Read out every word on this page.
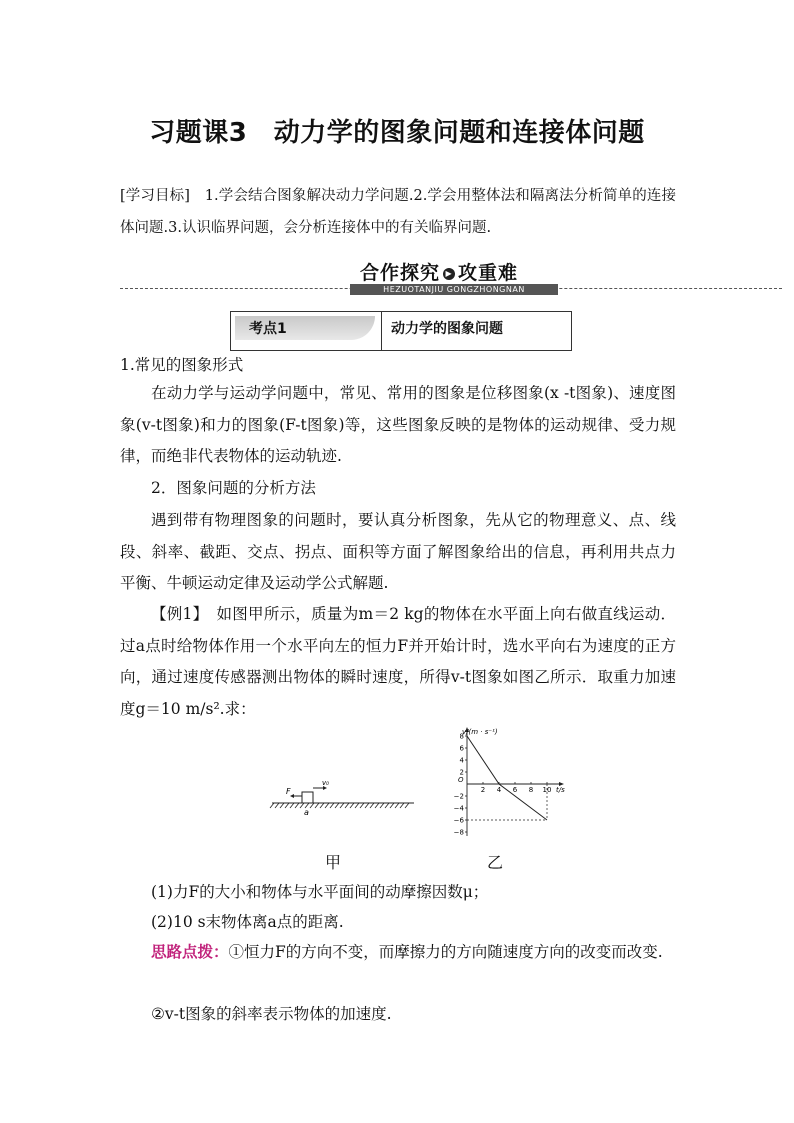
习题课3　动力学的图象问题和连接体问题

[学习目标]　1.学会结合图象解决动力学问题.2.学会用整体法和隔离法分析简单的连接体问题.3.认识临界问题，会分析连接体中的有关临界问题.

合作探究 ▶ 攻重难
HEZUOTANJIU GONGZHONGNAN
考点1	动力学的图象问题

1.常见的图象形式

在动力学与运动学问题中，常见、常用的图象是位移图象(x -t图象)、速度图象(v-t图象)和力的图象(F-t图象)等，这些图象反映的是物体的运动规律、受力规律，而绝非代表物体的运动轨迹.

2．图象问题的分析方法

遇到带有物理图象的问题时，要认真分析图象，先从它的物理意义、点、线段、斜率、截距、交点、拐点、面积等方面了解图象给出的信息，再利用共点力平衡、牛顿运动定律及运动学公式解题.

【例1】　如图甲所示，质量为m＝2 kg的物体在水平面上向右做直线运动．过a点时给物体作用一个水平向左的恒力F并开始计时，选水平向右为速度的正方向，通过速度传感器测出物体的瞬时速度，所得v-t图象如图乙所示．取重力加速度g＝10 m/s².求：

F
v₀
a
v/(m · s⁻¹)
t/s
O
8
6
4
2
−2
−4
−6
−8
2 4 6 8 10
甲	乙

(1)力F的大小和物体与水平面间的动摩擦因数μ；

(2)10 s末物体离a点的距离.

思路点拨：①恒力F的方向不变，而摩擦力的方向随速度方向的改变而改变.

②v-t图象的斜率表示物体的加速度.
